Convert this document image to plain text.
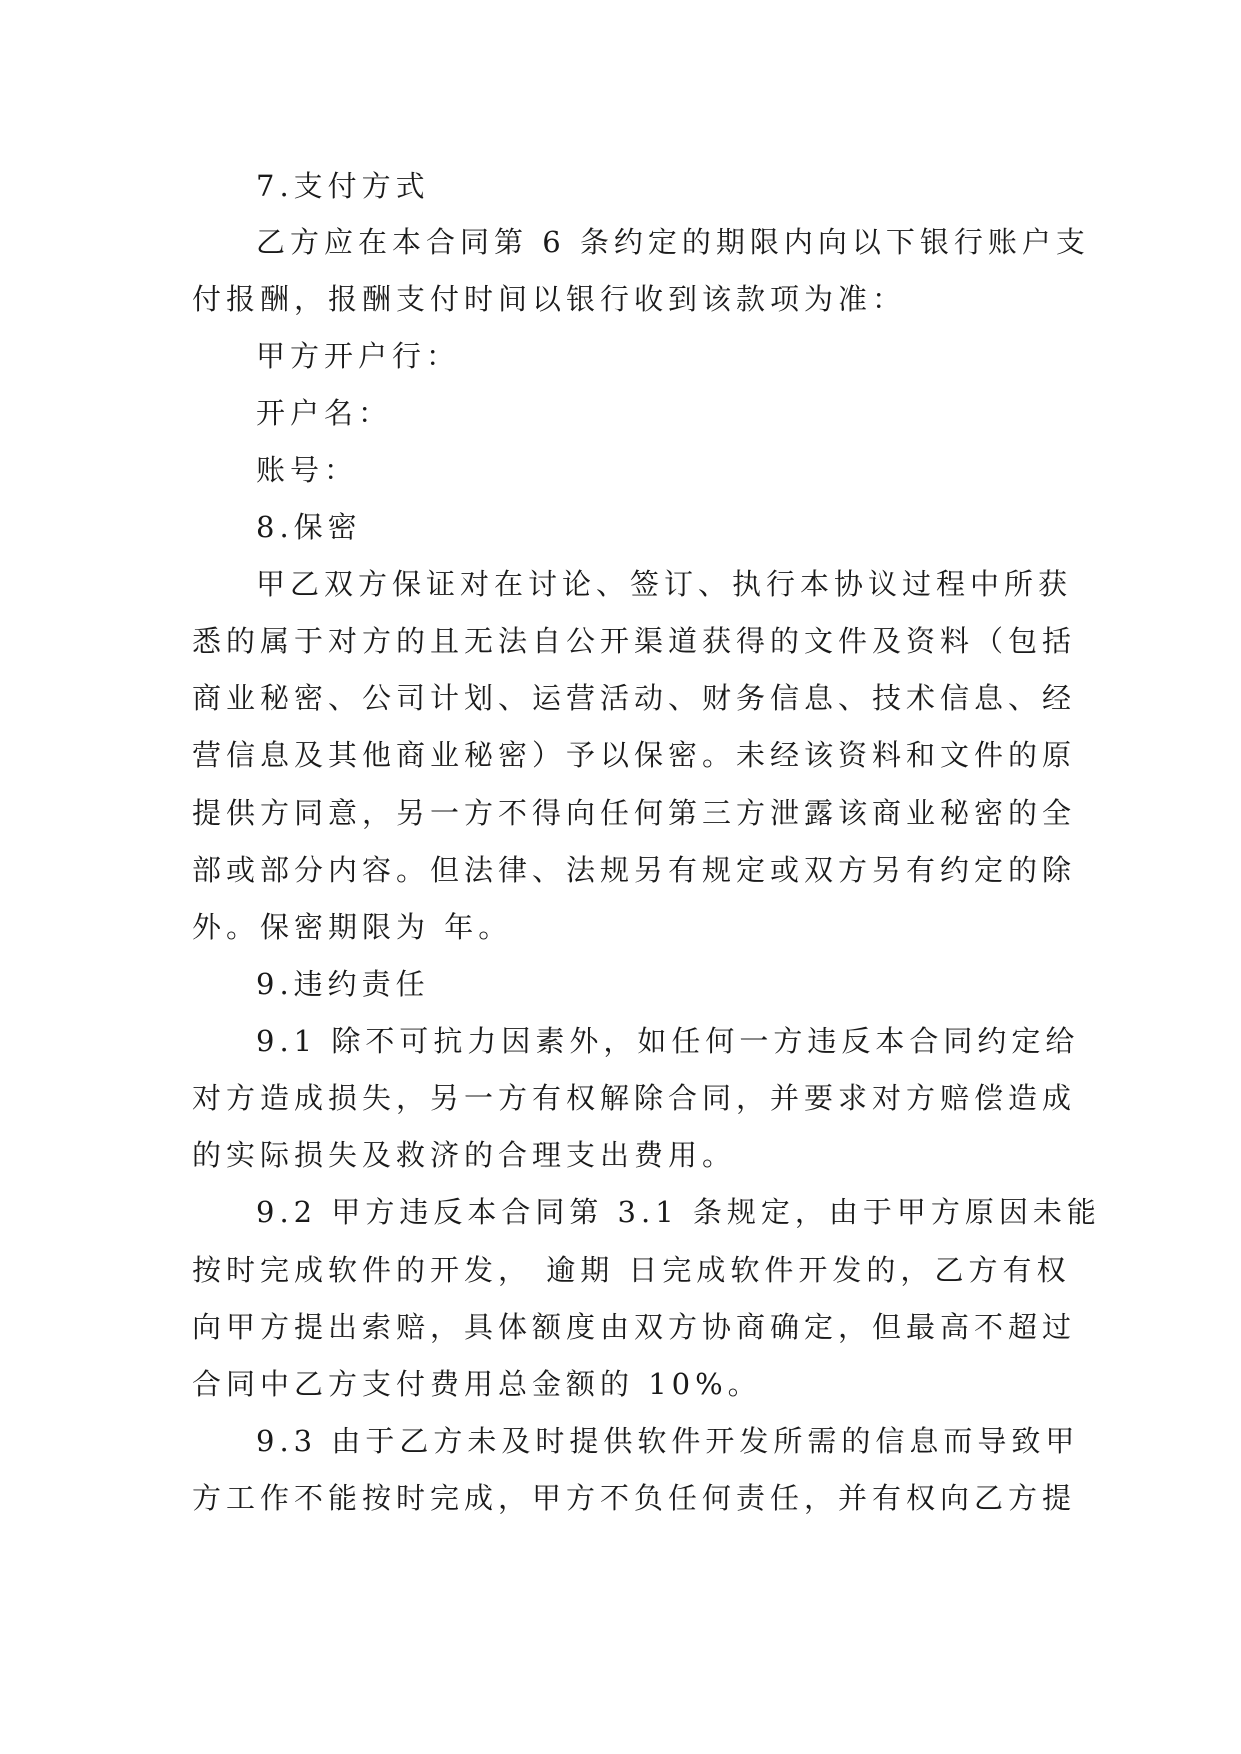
7.支付方式
乙方应在本合同第 6 条约定的期限内向以下银行账户支
付报酬，报酬支付时间以银行收到该款项为准：
甲方开户行：
开户名：
账号：
8.保密
甲乙双方保证对在讨论、签订、执行本协议过程中所获
悉的属于对方的且无法自公开渠道获得的文件及资料（包括
商业秘密、公司计划、运营活动、财务信息、技术信息、经
营信息及其他商业秘密）予以保密。未经该资料和文件的原
提供方同意，另一方不得向任何第三方泄露该商业秘密的全
部或部分内容。但法律、法规另有规定或双方另有约定的除
外。保密期限为 年。
9.违约责任
9.1 除不可抗力因素外，如任何一方违反本合同约定给
对方造成损失，另一方有权解除合同，并要求对方赔偿造成
的实际损失及救济的合理支出费用。
9.2 甲方违反本合同第 3.1 条规定，由于甲方原因未能
按时完成软件的开发， 逾期 日完成软件开发的，乙方有权
向甲方提出索赔，具体额度由双方协商确定，但最高不超过
合同中乙方支付费用总金额的 10%。
9.3 由于乙方未及时提供软件开发所需的信息而导致甲
方工作不能按时完成，甲方不负任何责任，并有权向乙方提
